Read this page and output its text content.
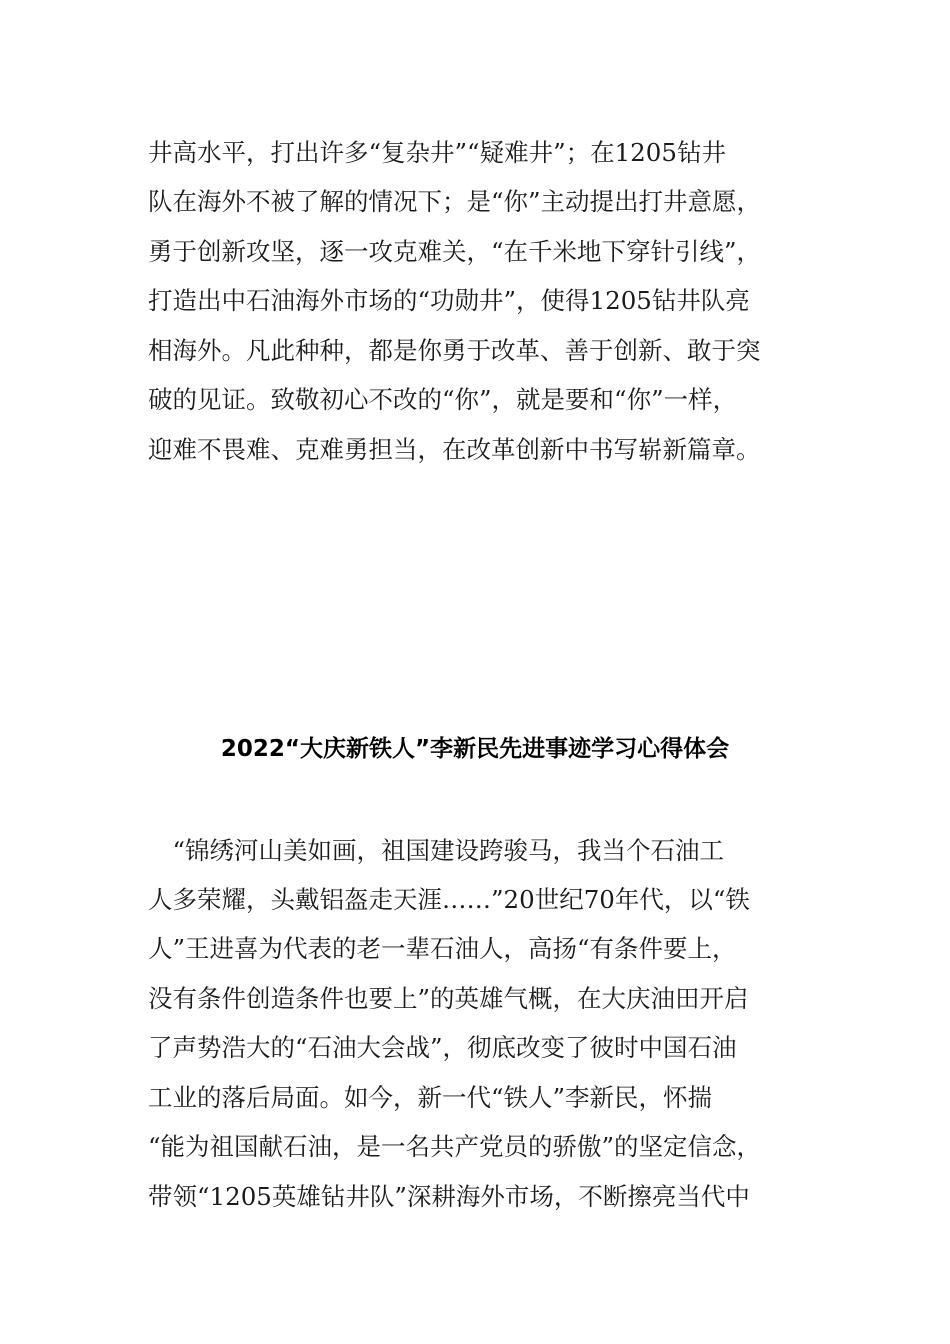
井高水平，打出许多“复杂井”“疑难井”；在1205钻井
队在海外不被了解的情况下；是“你”主动提出打井意愿，
勇于创新攻坚，逐一攻克难关，“在千米地下穿针引线”，
打造出中石油海外市场的“功勋井”，使得1205钻井队亮
相海外。凡此种种，都是你勇于改革、善于创新、敢于突
破的见证。致敬初心不改的“你”，就是要和“你”一样，
迎难不畏难、克难勇担当，在改革创新中书写崭新篇章。
2022“大庆新铁人”李新民先进事迹学习心得体会
　“锦绣河山美如画，祖国建设跨骏马，我当个石油工
人多荣耀，头戴铝盔走天涯……”20世纪70年代，以“铁
人”王进喜为代表的老一辈石油人，高扬“有条件要上，
没有条件创造条件也要上”的英雄气概，在大庆油田开启
了声势浩大的“石油大会战”，彻底改变了彼时中国石油
工业的落后局面。如今，新一代“铁人”李新民，怀揣
“能为祖国献石油，是一名共产党员的骄傲”的坚定信念，
带领“1205英雄钻井队”深耕海外市场，不断擦亮当代中
